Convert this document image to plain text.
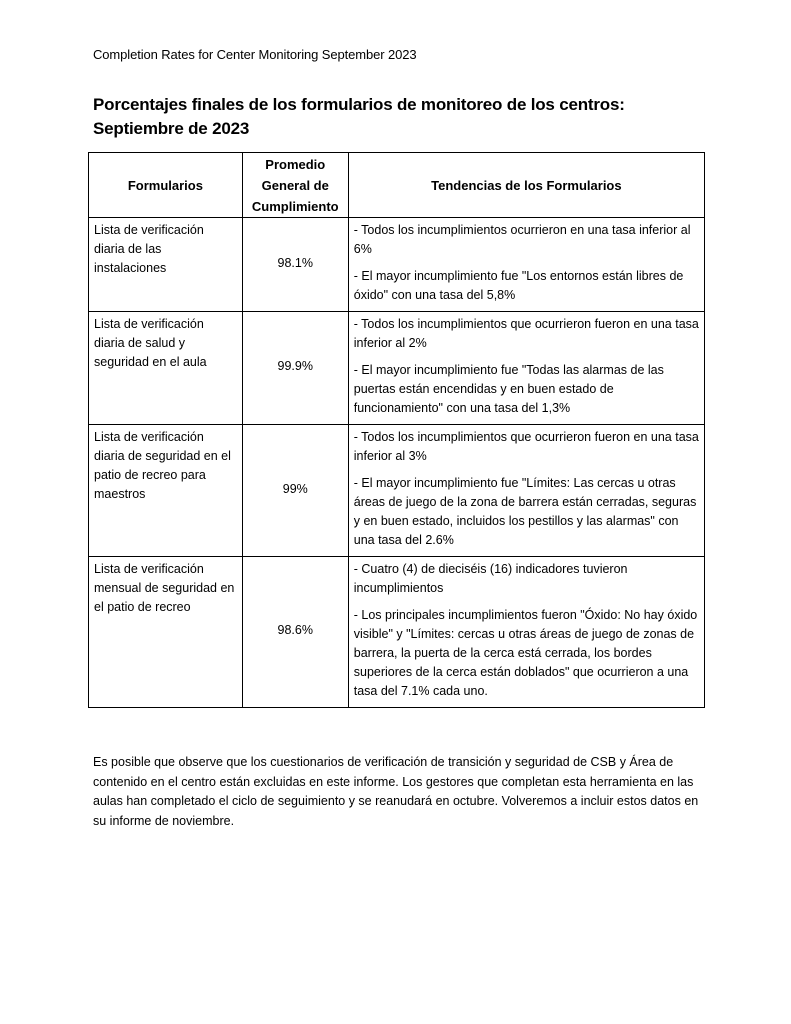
Completion Rates for Center Monitoring September 2023
Porcentajes finales de los formularios de monitoreo de los centros: Septiembre de 2023
Formularios	Promedio General de Cumplimiento	Tendencias de los Formularios
Lista de verificación diaria de las instalaciones	98.1%	- Todos los incumplimientos ocurrieron en una tasa inferior al 6%

- El mayor incumplimiento fue "Los entornos están libres de óxido" con una tasa del 5,8%

Lista de verificación diaria de salud y seguridad en el aula	99.9%	- Todos los incumplimientos que ocurrieron fueron en una tasa inferior al 2%

- El mayor incumplimiento fue "Todas las alarmas de las puertas están encendidas y en buen estado de funcionamiento" con una tasa del 1,3%

Lista de verificación diaria de seguridad en el patio de recreo para maestros	99%	- Todos los incumplimientos que ocurrieron fueron en una tasa inferior al 3%

- El mayor incumplimiento fue "Límites: Las cercas u otras áreas de juego de la zona de barrera están cerradas, seguras y en buen estado, incluidos los pestillos y las alarmas" con una tasa del 2.6%

Lista de verificación mensual de seguridad en el patio de recreo	98.6%	- Cuatro (4) de dieciséis (16) indicadores tuvieron incumplimientos

- Los principales incumplimientos fueron "Óxido: No hay óxido visible" y "Límites: cercas u otras áreas de juego de zonas de barrera, la puerta de la cerca está cerrada, los bordes superiores de la cerca están doblados" que ocurrieron a una tasa del 7.1% cada uno.

Es posible que observe que los cuestionarios de verificación de transición y seguridad de CSB y Área de contenido en el centro están excluidas en este informe. Los gestores que completan esta herramienta en las aulas han completado el ciclo de seguimiento y se reanudará en octubre. Volveremos a incluir estos datos en su informe de noviembre.
